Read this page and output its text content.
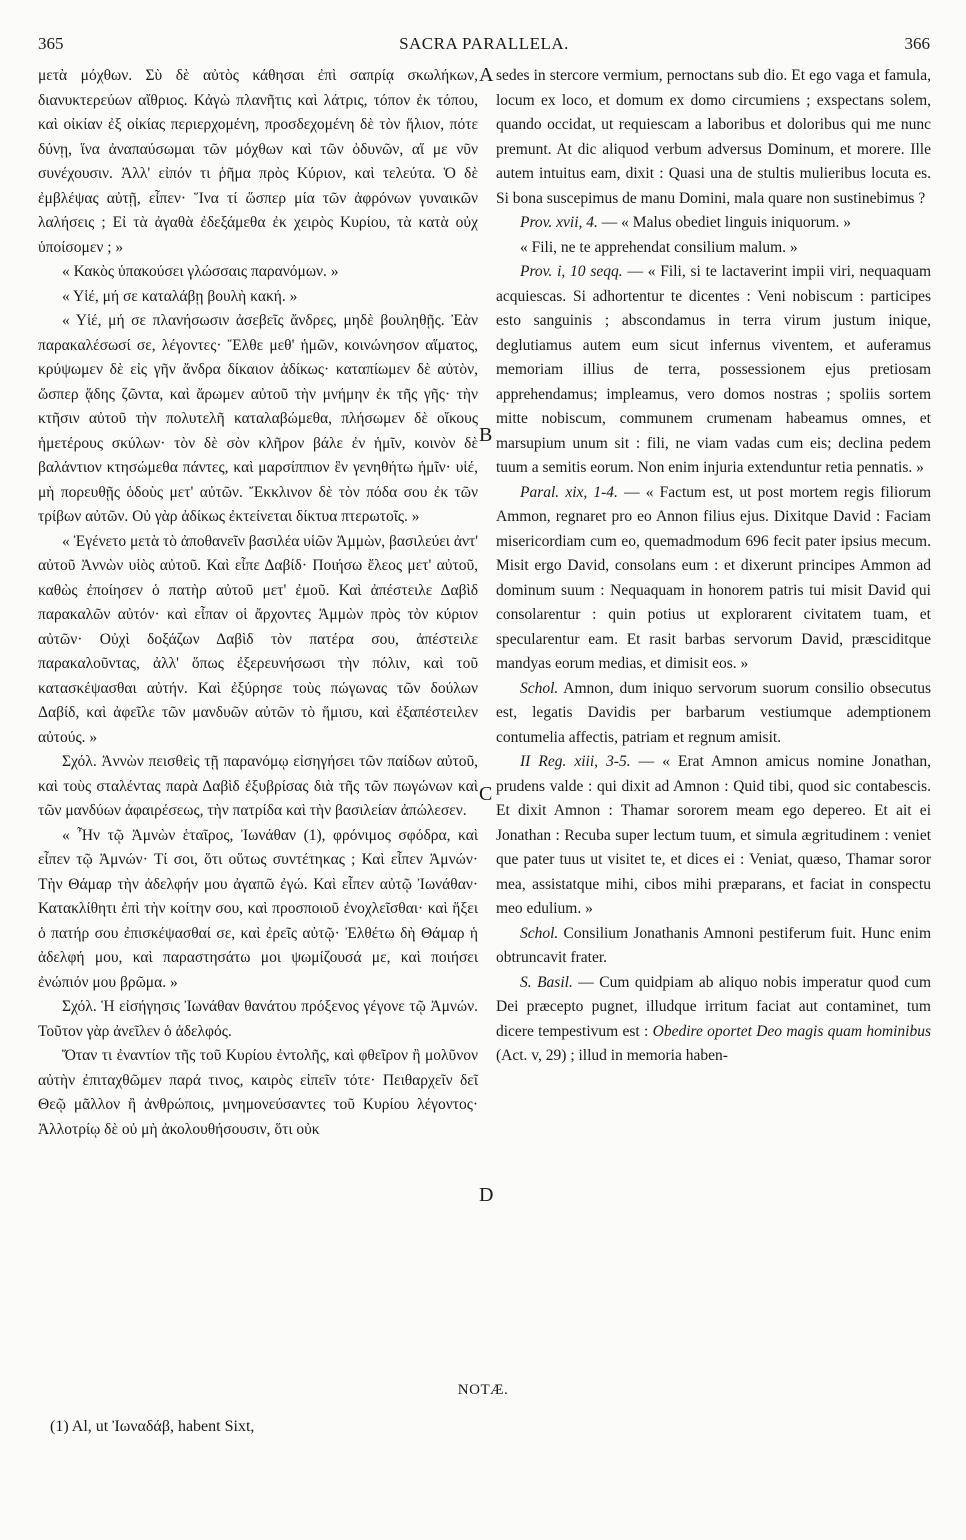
365	SACRA PARALLELA.	366
A
B
C
D

μετὰ μόχθων. Σὺ δὲ αὐτὸς κάθησαι ἐπὶ σαπρίᾳ σκωλήκων, διανυκτερεύων αἴθριος. Κἀγὼ πλανῆτις καὶ λάτρις, τόπον ἐκ τόπου, καὶ οἰκίαν ἐξ οἰκίας περιερχομένη, προσδεχομένη δὲ τὸν ἥλιον, πότε δύνῃ, ἵνα ἀναπαύσωμαι τῶν μόχθων καὶ τῶν ὀδυνῶν, αἵ με νῦν συνέχουσιν. Ἀλλ' εἰπόν τι ῥῆμα πρὸς Κύριον, καὶ τελεύτα. Ὁ δὲ ἐμβλέψας αὐτῇ, εἶπεν· Ἵνα τί ὥσπερ μία τῶν ἀφρόνων γυναικῶν λαλήσεις ; Εἰ τὰ ἀγαθὰ ἐδεξάμεθα ἐκ χειρὸς Κυρίου, τὰ κατὰ οὐχ ὑποίσομεν ; »

« Κακὸς ὑπακούσει γλώσσαις παρανόμων. »

« Υἱέ, μή σε καταλάβῃ βουλὴ κακή. »

« Υἱέ, μή σε πλανήσωσιν ἀσεβεῖς ἄνδρες, μηδὲ βουληθῇς. Ἐὰν παρακαλέσωσί σε, λέγοντες· Ἔλθε μεθ' ἡμῶν, κοινώνησον αἵματος, κρύψωμεν δὲ εἰς γῆν ἄνδρα δίκαιον ἀδίκως· καταπίωμεν δὲ αὐτὸν, ὥσπερ ᾅδης ζῶντα, καὶ ἄρωμεν αὐτοῦ τὴν μνήμην ἐκ τῆς γῆς· τὴν κτῆσιν αὐτοῦ τὴν πολυτελῆ καταλαβώμεθα, πλήσωμεν δὲ οἴκους ἡμετέρους σκύλων· τὸν δὲ σὸν κλῆρον βάλε ἐν ἡμῖν, κοινὸν δὲ βαλάντιον κτησώμεθα πάντες, καὶ μαρσίππιον ἓν γενηθήτω ἡμῖν· υἱέ, μὴ πορευθῇς ὁδοὺς μετ' αὐτῶν. Ἔκκλινον δὲ τὸν πόδα σου ἐκ τῶν τρίβων αὐτῶν. Οὐ γὰρ ἀδίκως ἐκτείνεται δίκτυα πτερωτοῖς. »

« Ἐγένετο μετὰ τὸ ἀποθανεῖν βασιλέα υἱῶν Ἀμμὼν, βασιλεύει ἀντ' αὐτοῦ Ἀννὼν υἱὸς αὐτοῦ. Καὶ εἶπε Δαβίδ· Ποιήσω ἔλεος μετ' αὐτοῦ, καθὼς ἐποίησεν ὁ πατὴρ αὐτοῦ μετ' ἐμοῦ. Καὶ ἀπέστειλε Δαβὶδ παρακαλῶν αὐτόν· καὶ εἶπαν οἱ ἄρχοντες Ἀμμὼν πρὸς τὸν κύριον αὐτῶν· Οὐχὶ δοξάζων Δαβὶδ τὸν πατέρα σου, ἀπέστειλε παρακαλοῦντας, ἀλλ' ὅπως ἐξερευνήσωσι τὴν πόλιν, καὶ τοῦ κατασκέψασθαι αὐτήν. Καὶ ἐξύρησε τοὺς πώγωνας τῶν δούλων Δαβίδ, καὶ ἀφεῖλε τῶν μανδυῶν αὐτῶν τὸ ἥμισυ, καὶ ἐξαπέστειλεν αὐτούς. »

Σχόλ. Ἀννὼν πεισθεὶς τῇ παρανόμῳ εἰσηγήσει τῶν παίδων αὐτοῦ, καὶ τοὺς σταλέντας παρὰ Δαβὶδ ἐξυβρίσας διὰ τῆς τῶν πωγώνων καὶ τῶν μανδύων ἀφαιρέσεως, τὴν πατρίδα καὶ τὴν βασιλείαν ἀπώλεσεν.

« Ἦν τῷ Ἀμνὼν ἑταῖρος, Ἰωνάθαν (1), φρόνιμος σφόδρα, καὶ εἶπεν τῷ Ἀμνών· Τί σοι, ὅτι οὕτως συντέτηκας ; Καὶ εἶπεν Ἀμνών· Τὴν Θάμαρ τὴν ἀδελφήν μου ἀγαπῶ ἐγώ. Καὶ εἶπεν αὐτῷ Ἰωνάθαν· Κατακλίθητι ἐπὶ τὴν κοίτην σου, καὶ προσποιοῦ ἐνοχλεῖσθαι· καὶ ἥξει ὁ πατήρ σου ἐπισκέψασθαί σε, καὶ ἐρεῖς αὐτῷ· Ἐλθέτω δὴ Θάμαρ ἡ ἀδελφή μου, καὶ παραστησάτω μοι ψωμίζουσά με, καὶ ποιήσει ἐνώπιόν μου βρῶμα. »

Σχόλ. Ἡ εἰσήγησις Ἰωνάθαν θανάτου πρόξενος γέγονε τῷ Ἀμνών. Τοῦτον γὰρ ἀνεῖλεν ὁ ἀδελφός.

Ὅταν τι ἐναντίον τῆς τοῦ Κυρίου ἐντολῆς, καὶ φθεῖρον ἢ μολῦνον αὐτὴν ἐπιταχθῶμεν παρά τινος, καιρὸς εἰπεῖν τότε· Πειθαρχεῖν δεῖ Θεῷ μᾶλλον ἢ ἀνθρώποις, μνημονεύσαντες τοῦ Κυρίου λέγοντος· Ἀλλοτρίῳ δὲ οὐ μὴ ἀκολουθήσουσιν, ὅτι οὐκ

sedes in stercore vermium, pernoctans sub dio. Et ego vaga et famula, locum ex loco, et domum ex domo circumiens ; exspectans solem, quando occidat, ut requiescam a laboribus et doloribus qui me nunc premunt. At dic aliquod verbum adversus Dominum, et morere. Ille autem intuitus eam, dixit : Quasi una de stultis mulieribus locuta es. Si bona suscepimus de manu Domini, mala quare non sustinebimus ?

Prov. xvii, 4. — « Malus obediet linguis iniquorum. »

« Fili, ne te apprehendat consilium malum. »

Prov. i, 10 seqq. — « Fili, si te lactaverint impii viri, nequaquam acquiescas. Si adhortentur te dicentes : Veni nobiscum : participes esto sanguinis ; abscondamus in terra virum justum inique, deglutiamus autem eum sicut infernus viventem, et auferamus memoriam illius de terra, possessionem ejus pretiosam apprehendamus; impleamus, vero domos nostras ; spoliis sortem mitte nobiscum, communem crumenam habeamus omnes, et marsupium unum sit : fili, ne viam vadas cum eis; declina pedem tuum a semitis eorum. Non enim injuria extenduntur retia pennatis. »

Paral. xix, 1-4. — « Factum est, ut post mortem regis filiorum Ammon, regnaret pro eo Annon filius ejus. Dixitque David : Faciam misericordiam cum eo, quemadmodum 696 fecit pater ipsius mecum. Misit ergo David, consolans eum : et dixerunt principes Ammon ad dominum suum : Nequaquam in honorem patris tui misit David qui consolarentur : quin potius ut explorarent civitatem tuam, et specularentur eam. Et rasit barbas servorum David, præsciditque mandyas eorum medias, et dimisit eos. »

Schol. Amnon, dum iniquo servorum suorum consilio obsecutus est, legatis Davidis per barbarum vestiumque ademptionem contumelia affectis, patriam et regnum amisit.

II Reg. xiii, 3-5. — « Erat Amnon amicus nomine Jonathan, prudens valde : qui dixit ad Amnon : Quid tibi, quod sic contabescis. Et dixit Amnon : Thamar sororem meam ego depereo. Et ait ei Jonathan : Recuba super lectum tuum, et simula ægritudinem : veniet que pater tuus ut visitet te, et dices ei : Veniat, quæso, Thamar soror mea, assistatque mihi, cibos mihi præparans, et faciat in conspectu meo edulium. »

Schol. Consilium Jonathanis Amnoni pestiferum fuit. Hunc enim obtruncavit frater.

S. Basil. — Cum quidpiam ab aliquo nobis imperatur quod cum Dei præcepto pugnet, illudque irritum faciat aut contaminet, tum dicere tempestivum est : Obedire oportet Deo magis quam hominibus (Act. v, 29) ; illud in memoria haben-

NOTÆ.
(1) Al, ut Ἰωναδάβ, habent Sixt,
